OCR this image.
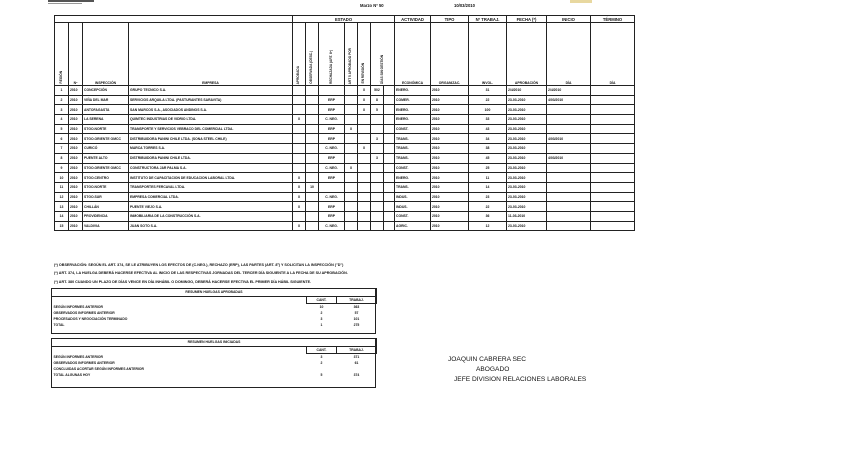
Marzo Nº 50	10/03/2010
				ESTADO							ACTIVIDAD	TIPO	Nº TRABAJ.	FECHA (*)	INICIO	TÉRMINO
REGIÓN	Nº	INSPECCIÓN	EMPRESA	APROBADA	OBSERVADA (DESC.)	RECHAZADA (ART. 8º)	ART 5 APROBADO POR	EN REVISIÓN	DÍAS SIN GESTIÓN		ECONÓMICA	ORGANIZAC.	INVOL.	APROBACIÓN	DÍA	DÍA
1	2010	CONCEPCIÓN	GRUPO TECNICO S.A.					X	502		ENERG.	2010	31	2/4/2010	2/4/2010	
2	2010	VIÑA DEL MAR	SERVICIOS ARQUILA LTDA. (PASTURANTES SARAVITA)			ERP		X	8		COMER.	2010	22	23-03-2010	4/03/2010	
3	2010	ANTOFAGASTA	SAN MARCOS S.A., ASOCIADOS ANDINOS S.A.			ERP		X	5		ENERG.	2010	100	23-03-2010		
4	2010	LA SERENA	QUIMTEC INDUSTRIAS DE VIDRIO LTDA.	X		C. NEG.					ENERG.	2010	33	23-03-2010		
5	2010	STGO.NORTE	TRANSPORTE Y SERVICIOS VEBRACO DEL COMERCIAL LTDA.			ERP	X				CONST.	2010	43	23-03-2010		
6	2010	STGO.ORIENTE OMCC	DISTRIBUIDORA PANINI CHILE LTDA. (SONA STEEL CHILE)			ERP			3		TRANS.	2010	34	23-03-2010	4/03/2010	
7	2010	CURICÓ	MARCA TORRES S.A.			C. NEG.		X			TRANS.	2010	38	23-03-2010		
8	2010	PUENTE ALTO	DISTRIBUIDORA PANINI CHILE LTDA.			ERP			3		TRANS.	2010	45	23-03-2010	4/03/2010	
9	2010	STGO.ORIENTE OMCC	CONSTRUCTORA JAR PALMA S.A.			C. NEG.	X				CONST.	2010	25	23-03-2010		
10	2010	STGO.CENTRO	INSTITUTO DE CAPACITACION DE EDUCACION LABORAL LTDA.	X		ERP					ENERG.	2010	11	23-03-2010		
11	2010	STGO.NORTE	TRANSPORTES FERCAVAL LTDA.	X	10						TRANS.	2010	14	23-03-2010		
12	2010	STGO.SUR	EMPRESA COMERCIAL LTDA.	X		C. NEG.					INDUS.	2010	23	23-03-2010		
13	2010	CHILLÁN	PUENTE VIEJO S.A.	X		ERP					INDUS.	2010	22	23-03-2010		
14	2010	PROVIDENCIA	INMOBILIARIA DE LA CONSTRUCCIÓN S.A.			ERP					CONST.	2010	36	11-03-2010		
15	2010	VALDIVIA	JUAN SOTO S.A.	X		C. NEG.					AGRIC.	2010	12	23-03-2010		
(*) OBSERVACIÓN: SEGÚN EL ART. 374, SE LE ATRIBUYEN LOS EFECTOS DE (C.NEG.), RECHAZO (ERP), LAS PARTES (ART. 8º) Y SOLICITAN LA INSPECCIÓN ("D")
(*) ART. 374, LA HUELGA DEBERÁ HACERSE EFECTIVA AL INICIO DE LAS RESPECTIVAS JORNADAS DEL TERCER DÍA SIGUIENTE A LA FECHA DE SU APROBACIÓN.
(*) ART. 380 CUANDO UN PLAZO DE DÍAS VENCE EN DÍA INHÁBIL O DOMINGO, DEBERÁ HACERSE EFECTIVA EL PRIMER DÍA HÁBIL SIGUIENTE.
RESUMEN HUELGAS APROBADAS		
	CANT.	TRABAJ.
SEGÚN INFORMES ANTERIOR	10	363
OBSERVADOS INFORMES ANTERIOR	2	57
PROCESADOS Y NEGOCIACIÓN TERMINADO	3	101
TOTAL	1	275
RESUMEN HUELGAS INICIADAS		
	CANT.	TRABAJ.
SEGÚN INFORMES ANTERIOR	3	371
OBSERVADOS INFORMES ANTERIOR	2	61
CONCLUIDAS ACORTAR SEGÚN INFORMES ANTERIOR		
TOTAL ALGUNAS HOY	5	374
JOAQUIN CABRERA SEC
ABOGADO
JEFE DIVISION RELACIONES LABORALES
